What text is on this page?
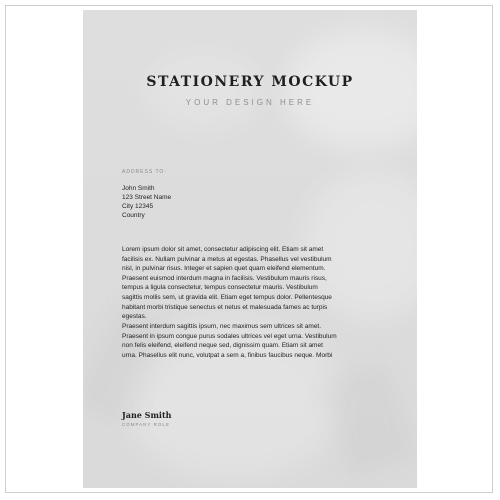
STATIONERY MOCKUP
YOUR DESIGN HERE
ADDRESS TO:
John Smith
123 Street Name
City 12345
Country
Lorem ipsum dolor sit amet, consectetur adipiscing elit. Etiam sit amet
facilisis ex. Nullam pulvinar a metus at egestas. Phasellus vel vestibulum
nisl, in pulvinar risus. Integer et sapien quet quam eleifend elementum.
Praesent euismod interdum magna in facilisis. Vestibulum mauris risus,
tempus a ligula consectetur, tempus consectetur mauris. Vestibulum
sagittis mollis sem, ut gravida elit. Etiam eget tempus dolor. Pellentesque
habitant morbi tristique senectus et netus et malesuada fames ac turpis
egestas.
Praesent interdum sagittis ipsum, nec maximus sem ultrices sit amet.
Praesent in ipsum congue purus sodales ultrices vel eget urna. Vestibulum
non felis eleifend, eleifend neque sed, dignissim quam. Etiam sit amet
urna. Phasellus elit nunc, volutpat a sem a, finibus faucibus neque. Morbi
Jane Smith
COMPANY ROLE
